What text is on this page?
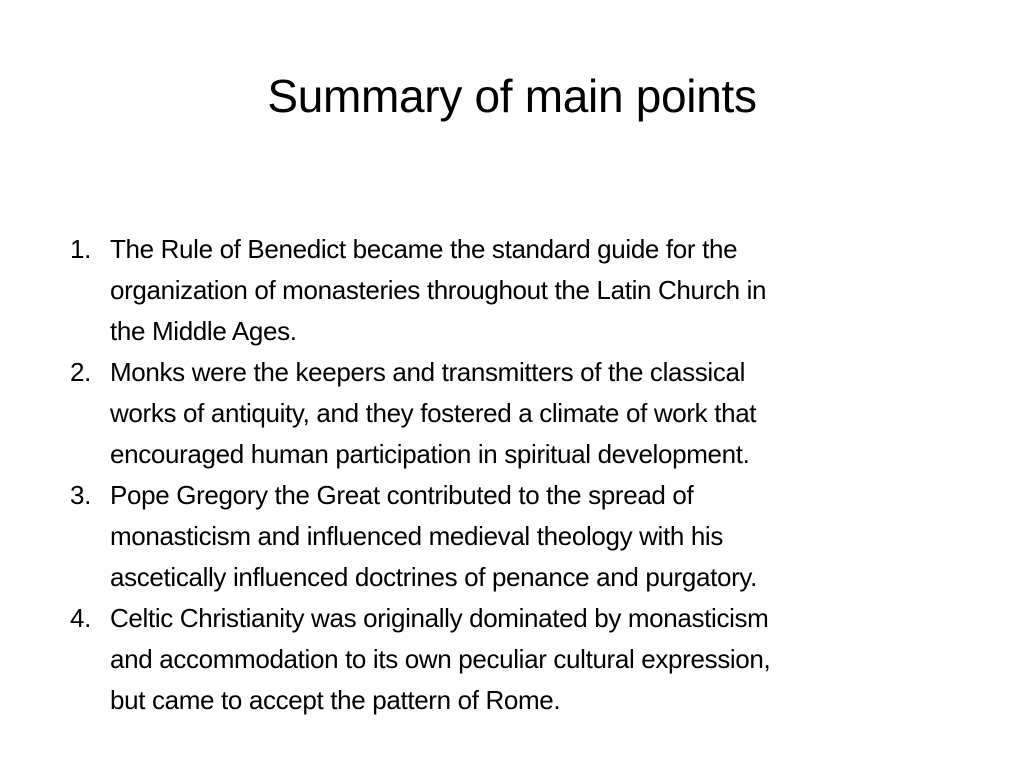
Summary of main points
1. The Rule of Benedict became the standard guide for the
organization of monasteries throughout the Latin Church in
the Middle Ages.
2. Monks were the keepers and transmitters of the classical
works of antiquity, and they fostered a climate of work that
encouraged human participation in spiritual development.
3. Pope Gregory the Great contributed to the spread of
monasticism and influenced medieval theology with his
ascetically influenced doctrines of penance and purgatory.
4. Celtic Christianity was originally dominated by monasticism
and accommodation to its own peculiar cultural expression,
but came to accept the pattern of Rome.
